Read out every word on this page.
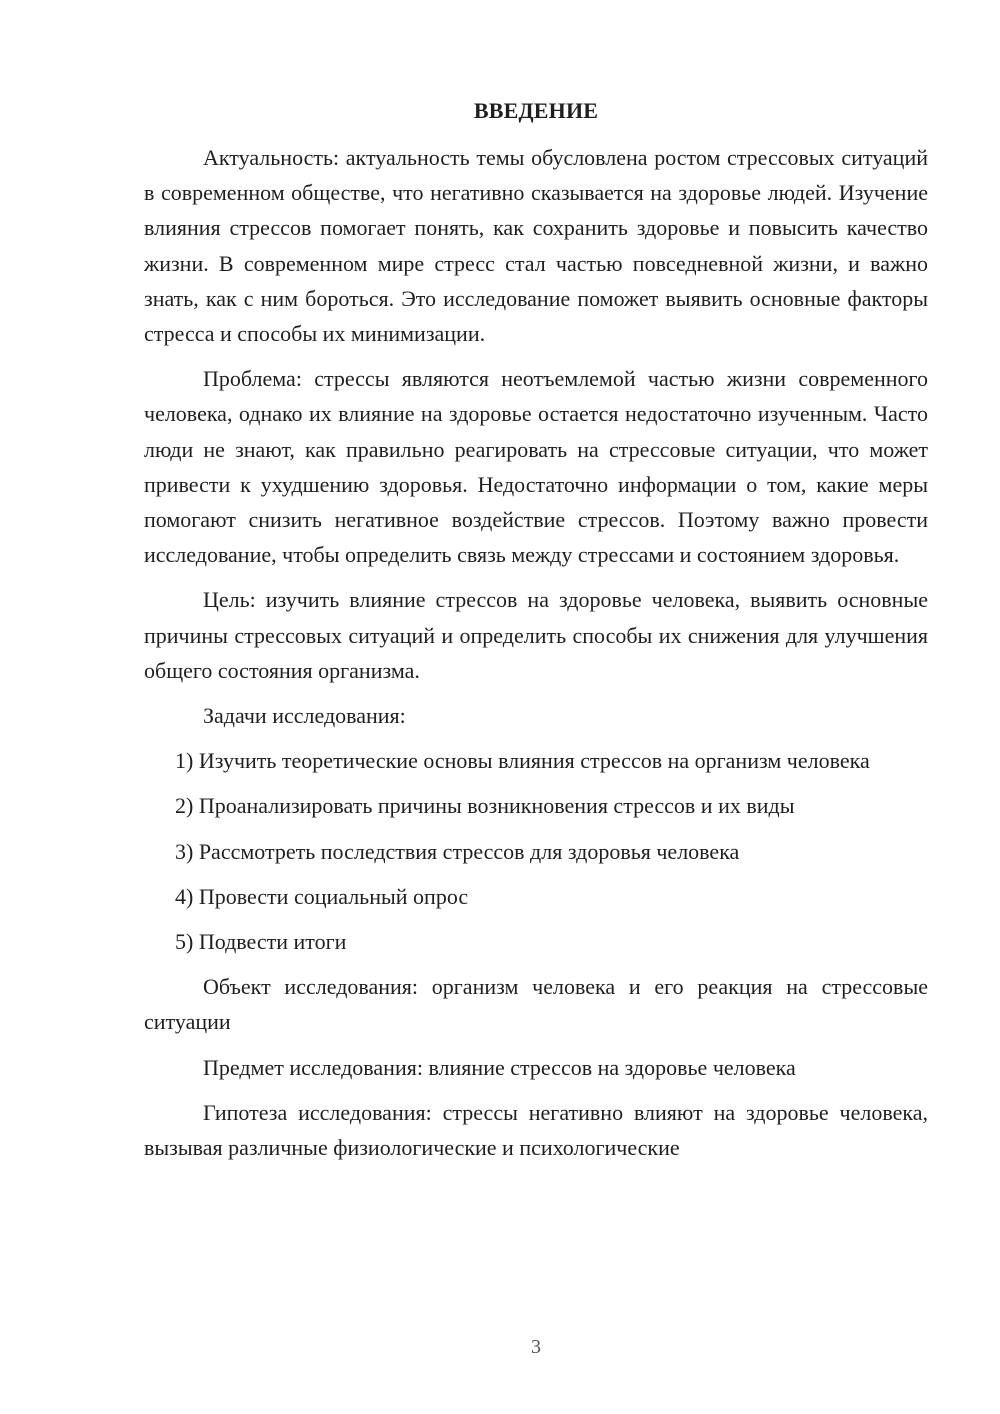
ВВЕДЕНИЕ

Актуальность: актуальность темы обусловлена ростом стрессовых ситуаций в современном обществе, что негативно сказывается на здоровье людей. Изучение влияния стрессов помогает понять, как сохранить здоровье и повысить качество жизни. В современном мире стресс стал частью повседневной жизни, и важно знать, как с ним бороться. Это исследование поможет выявить основные факторы стресса и способы их минимизации.

Проблема: стрессы являются неотъемлемой частью жизни современного человека, однако их влияние на здоровье остается недостаточно изученным. Часто люди не знают, как правильно реагировать на стрессовые ситуации, что может привести к ухудшению здоровья. Недостаточно информации о том, какие меры помогают снизить негативное воздействие стрессов. Поэтому важно провести исследование, чтобы определить связь между стрессами и состоянием здоровья.

Цель: изучить влияние стрессов на здоровье человека, выявить основные причины стрессовых ситуаций и определить способы их снижения для улучшения общего состояния организма.

Задачи исследования:

1) Изучить теоретические основы влияния стрессов на организм человека

2) Проанализировать причины возникновения стрессов и их виды

3) Рассмотреть последствия стрессов для здоровья человека

4) Провести социальный опрос

5) Подвести итоги

Объект исследования: организм человека и его реакция на стрессовые ситуации

Предмет исследования: влияние стрессов на здоровье человека

Гипотеза исследования: стрессы негативно влияют на здоровье человека, вызывая различные физиологические и психологические

3
